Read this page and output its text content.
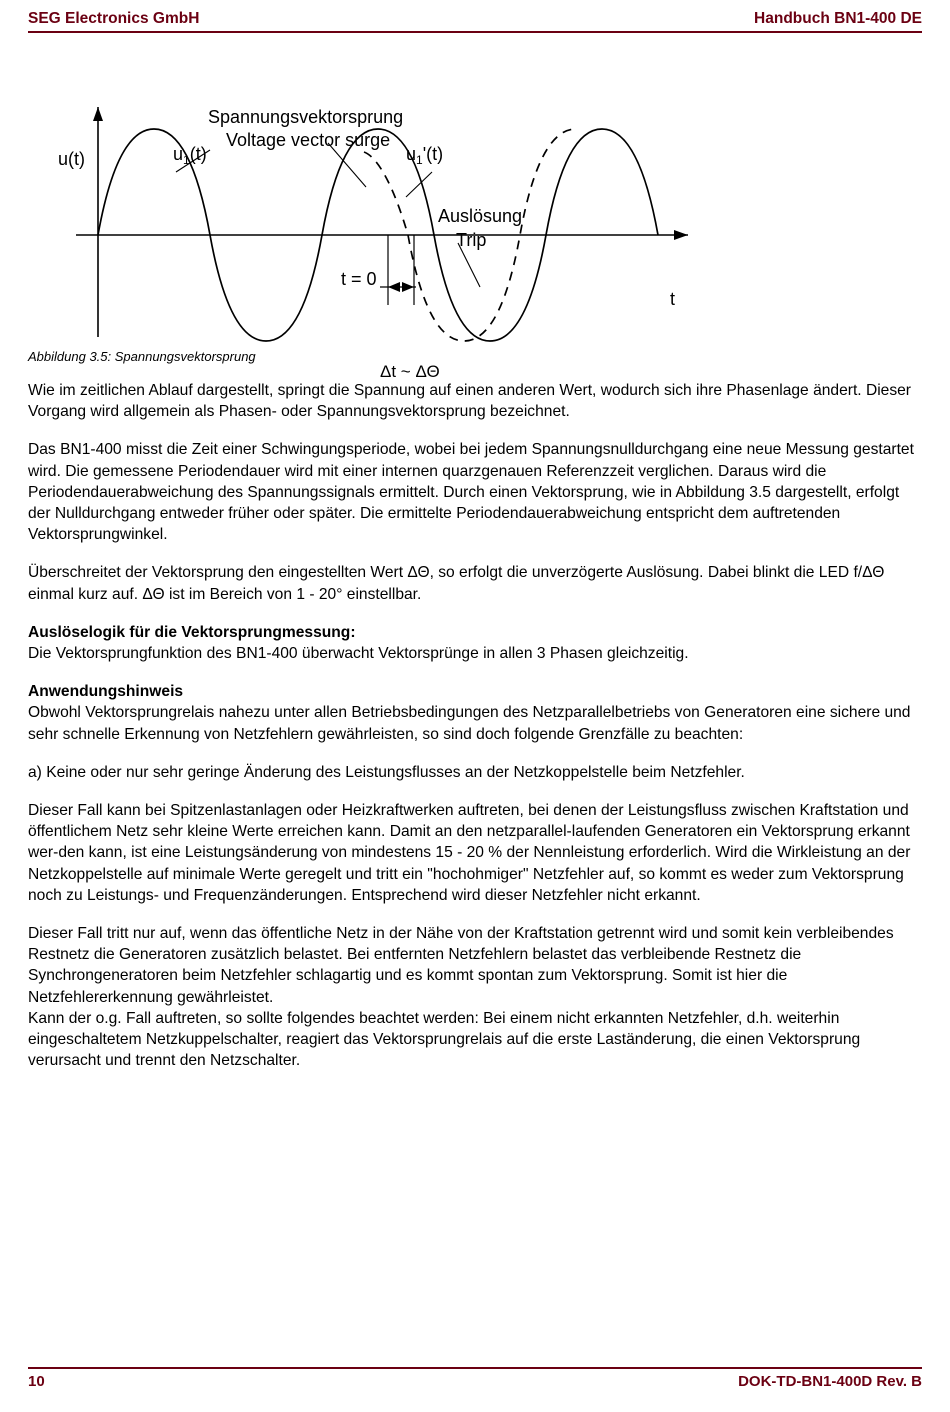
SEG Electronics GmbH	Handbuch BN1-400 DE
u(t)	$u_1(t)$	$u_1'(t)$
Spannungsvektorsprung
Voltage vector surge
Auslösung
Trip
t = 0
t
Δt ~ ΔΘ
Abbildung 3.5: Spannungsvektorsprung

Wie im zeitlichen Ablauf dargestellt, springt die Spannung auf einen anderen Wert, wodurch sich ihre Phasenlage ändert. Dieser Vorgang wird allgemein als Phasen- oder Spannungsvektorsprung bezeichnet.

Das BN1-400 misst die Zeit einer Schwingungsperiode, wobei bei jedem Spannungsnulldurchgang eine neue Messung gestartet wird. Die gemessene Periodendauer wird mit einer internen quarzgenauen Referenzzeit verglichen. Daraus wird die Periodendauerabweichung des Spannungssignals ermittelt. Durch einen Vektorsprung, wie in Abbildung 3.5 dargestellt, erfolgt der Nulldurchgang entweder früher oder später. Die ermittelte Periodendauerabweichung entspricht dem auftretenden Vektorsprungwinkel.

Überschreitet der Vektorsprung den eingestellten Wert ΔΘ, so erfolgt die unverzögerte Auslösung. Dabei blinkt die LED f/ΔΘ einmal kurz auf. ΔΘ ist im Bereich von 1 - 20° einstellbar.

Auslöselogik für die Vektorsprungmessung:

Die Vektorsprungfunktion des BN1-400 überwacht Vektorsprünge in allen 3 Phasen gleichzeitig.

Anwendungshinweis

Obwohl Vektorsprungrelais nahezu unter allen Betriebsbedingungen des Netzparallelbetriebs von Generatoren eine sichere und sehr schnelle Erkennung von Netzfehlern gewährleisten, so sind doch folgende Grenzfälle zu beachten:

a) Keine oder nur sehr geringe Änderung des Leistungsflusses an der Netzkoppelstelle beim Netzfehler.

Dieser Fall kann bei Spitzenlastanlagen oder Heizkraftwerken auftreten, bei denen der Leistungsfluss zwischen Kraftstation und öffentlichem Netz sehr kleine Werte erreichen kann. Damit an den netzparallel-laufenden Generatoren ein Vektorsprung erkannt wer-den kann, ist eine Leistungsänderung von mindestens 15 - 20 % der Nennleistung erforderlich. Wird die Wirkleistung an der Netzkoppelstelle auf minimale Werte geregelt und tritt ein "hochohmiger" Netzfehler auf, so kommt es weder zum Vektorsprung noch zu Leistungs- und Frequenzänderungen. Entsprechend wird dieser Netzfehler nicht erkannt.

Dieser Fall tritt nur auf, wenn das öffentliche Netz in der Nähe von der Kraftstation getrennt wird und somit kein verbleibendes Restnetz die Generatoren zusätzlich belastet. Bei entfernten Netzfehlern belastet das verbleibende Restnetz die Synchrongeneratoren beim Netzfehler schlagartig und es kommt spontan zum Vektorsprung. Somit ist hier die Netzfehlererkennung gewährleistet.

Kann der o.g. Fall auftreten, so sollte folgendes beachtet werden: Bei einem nicht erkannten Netzfehler, d.h. weiterhin eingeschaltetem Netzkuppelschalter, reagiert das Vektorsprungrelais auf die erste Laständerung, die einen Vektorsprung verursacht und trennt den Netzschalter.

10	DOK-TD-BN1-400D Rev. B
